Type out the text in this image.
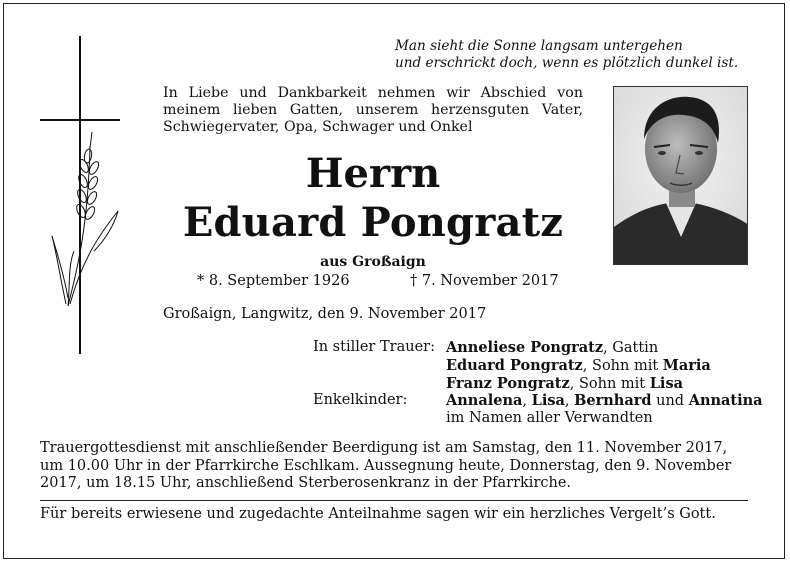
Man sieht die Sonne langsam untergehen
und erschrickt doch, wenn es plötzlich dunkel ist.
In Liebe und Dankbarkeit nehmen wir Abschied von meinem lieben Gatten, unserem herzensguten Vater, Schwiegervater, Opa, Schwager und Onkel
Herrn
Eduard Pongratz
aus Großaign
* 8. September 1926	† 7. November 2017
Großaign, Langwitz, den 9. November 2017
In stiller Trauer: Anneliese Pongratz, Gattin
Eduard Pongratz, Sohn mit Maria
Franz Pongratz, Sohn mit Lisa
Enkelkinder:	Annalena, Lisa, Bernhard und Annatina
im Namen aller Verwandten
Trauergottesdienst mit anschließender Beerdigung ist am Samstag, den 11. November 2017, um 10.00 Uhr in der Pfarrkirche Eschlkam. Aussegnung heute, Donnerstag, den 9. November 2017, um 18.15 Uhr, anschließend Sterberosenkranz in der Pfarrkirche.
Für bereits erwiesene und zugedachte Anteilnahme sagen wir ein herzliches Vergelt’s Gott.
